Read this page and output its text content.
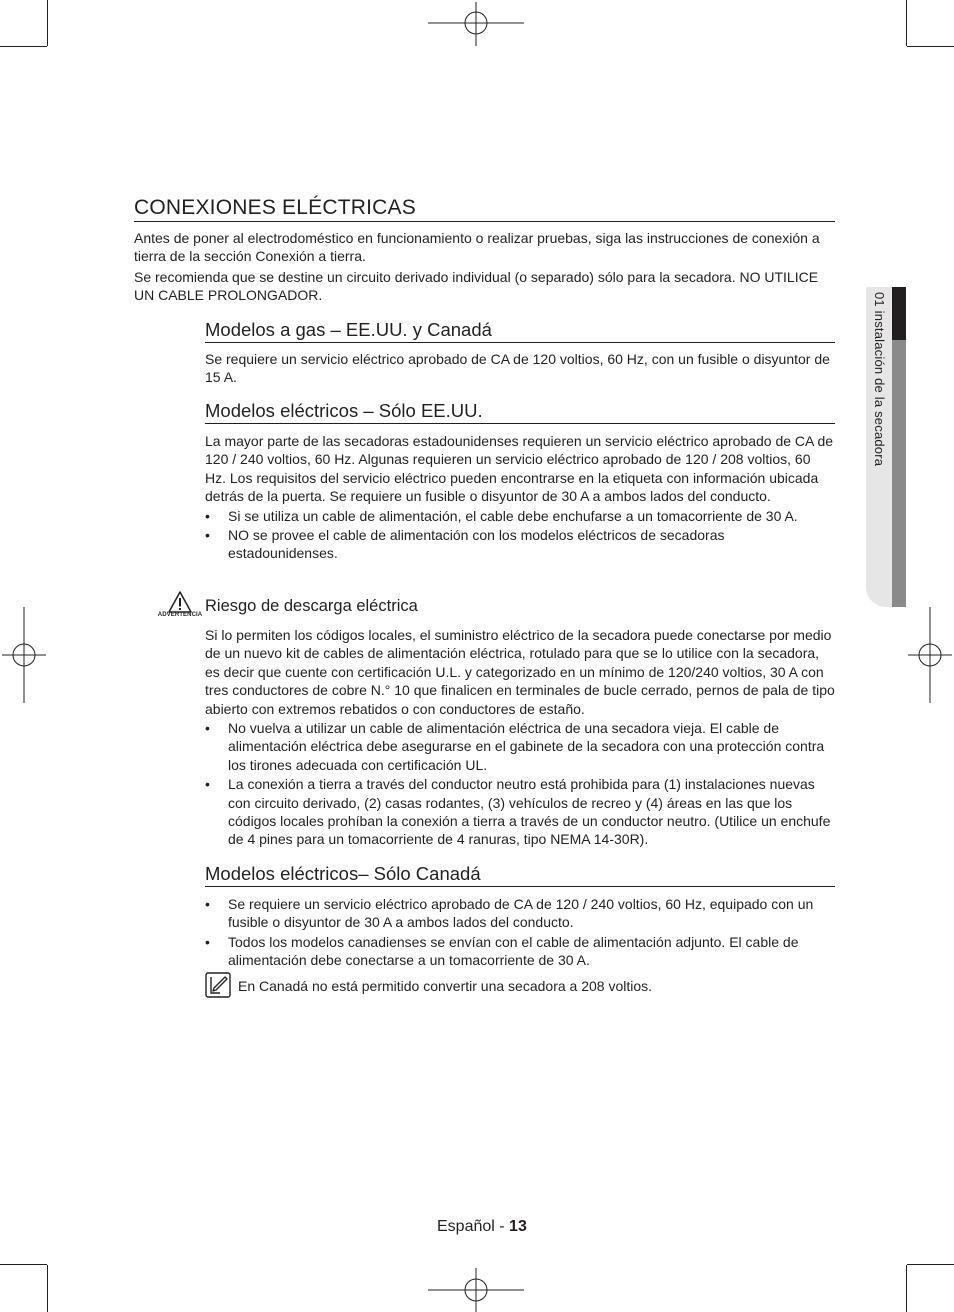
01 instalación de la secadora
CONEXIONES ELÉCTRICAS

Antes de poner al electrodoméstico en funcionamiento o realizar pruebas, siga las instrucciones de conexión a tierra de la sección Conexión a tierra.

Se recomienda que se destine un circuito derivado individual (o separado) sólo para la secadora. NO UTILICE UN CABLE PROLONGADOR.

Modelos a gas – EE.UU. y Canadá

Se requiere un servicio eléctrico aprobado de CA de 120 voltios, 60 Hz, con un fusible o disyuntor de 15 A.

Modelos eléctricos – Sólo EE.UU.

La mayor parte de las secadoras estadounidenses requieren un servicio eléctrico aprobado de CA de 120 / 240 voltios, 60 Hz. Algunas requieren un servicio eléctrico aprobado de 120 / 208 voltios, 60 Hz. Los requisitos del servicio eléctrico pueden encontrarse en la etiqueta con información ubicada detrás de la puerta. Se requiere un fusible o disyuntor de 30 A a ambos lados del conducto.

• Si se utiliza un cable de alimentación, el cable debe enchufarse a un tomacorriente de 30 A.
• NO se provee el cable de alimentación con los modelos eléctricos de secadoras estadounidenses.
ADVERTENCIA Riesgo de descarga eléctrica

Si lo permiten los códigos locales, el suministro eléctrico de la secadora puede conectarse por medio de un nuevo kit de cables de alimentación eléctrica, rotulado para que se lo utilice con la secadora, es decir que cuente con certificación U.L. y categorizado en un mínimo de 120/240 voltios, 30 A con tres conductores de cobre N.° 10 que finalicen en terminales de bucle cerrado, pernos de pala de tipo abierto con extremos rebatidos o con conductores de estaño.

• No vuelva a utilizar un cable de alimentación eléctrica de una secadora vieja. El cable de alimentación eléctrica debe asegurarse en el gabinete de la secadora con una protección contra los tirones adecuada con certificación UL.
• La conexión a tierra a través del conductor neutro está prohibida para (1) instalaciones nuevas con circuito derivado, (2) casas rodantes, (3) vehículos de recreo y (4) áreas en las que los códigos locales prohíban la conexión a tierra a través de un conductor neutro. (Utilice un enchufe de 4 pines para un tomacorriente de 4 ranuras, tipo NEMA 14-30R).
Modelos eléctricos– Sólo Canadá
• Se requiere un servicio eléctrico aprobado de CA de 120 / 240 voltios, 60 Hz, equipado con un fusible o disyuntor de 30 A a ambos lados del conducto.
• Todos los modelos canadienses se envían con el cable de alimentación adjunto. El cable de alimentación debe conectarse a un tomacorriente de 30 A.
En Canadá no está permitido convertir una secadora a 208 voltios.
Español - 13
